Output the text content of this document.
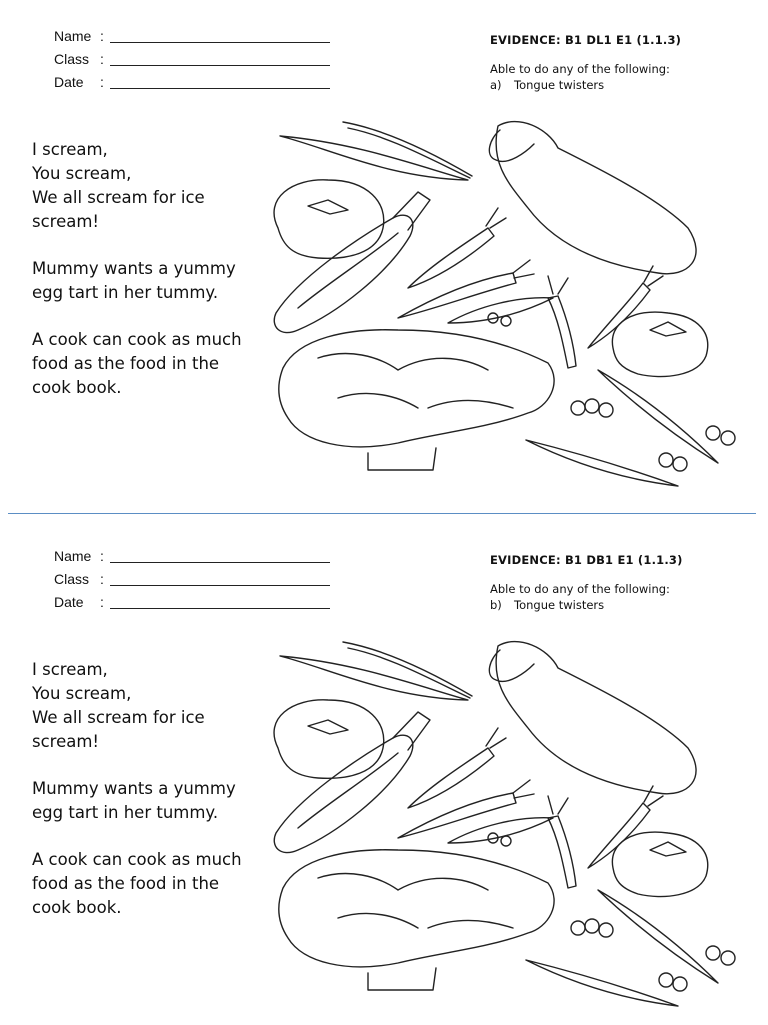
Name :
Class :
Date	:
EVIDENCE: B1 DL1 E1 (1.1.3)
Able to do any of the following:
a) Tongue twisters
I scream,
You scream,
We all scream for ice
scream!
Mummy wants a yummy
egg tart in her tummy.
A cook can cook as much
food as the food in the
cook book.
Name :
Class :
Date	:
EVIDENCE: B1 DB1 E1 (1.1.3)
Able to do any of the following:
b) Tongue twisters
I scream,
You scream,
We all scream for ice
scream!
Mummy wants a yummy
egg tart in her tummy.
A cook can cook as much
food as the food in the
cook book.
